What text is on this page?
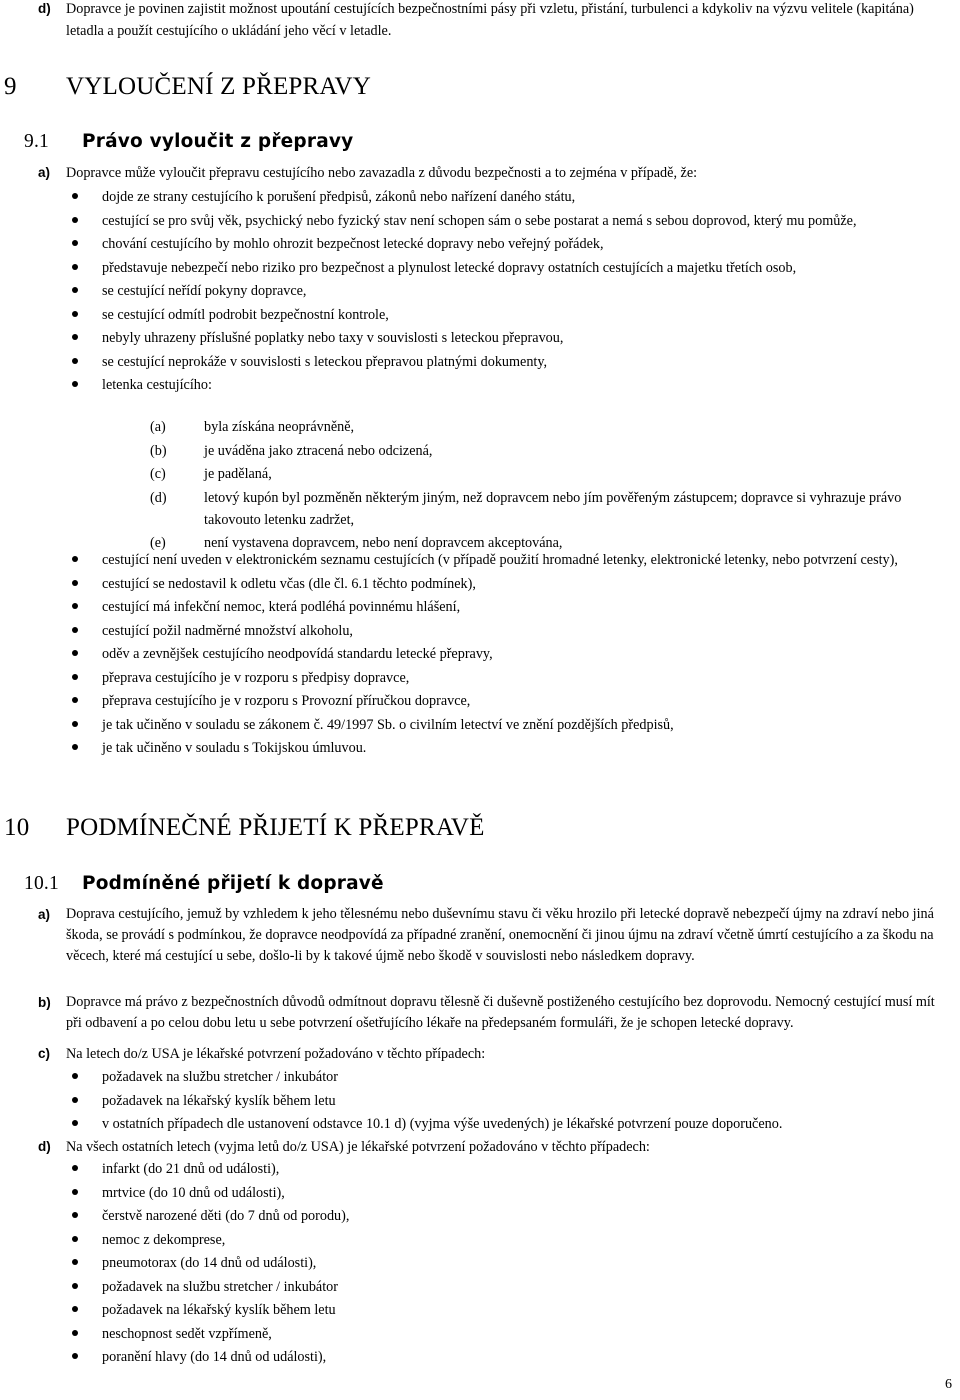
d) Dopravce je povinen zajistit možnost upoutání cestujících bezpečnostními pásy při vzletu, přistání, turbulenci a kdykoliv na výzvu velitele (kapitána) letadla a použít cestujícího o ukládání jeho věcí v letadle.
9 VYLOUČENÍ Z PŘEPRAVY
9.1 Právo vyloučit z přepravy
a) Dopravce může vyloučit přepravu cestujícího nebo zavazadla z důvodu bezpečnosti a to zejména v případě, že:
dojde ze strany cestujícího k porušení předpisů, zákonů nebo nařízení daného státu,
cestující se pro svůj věk, psychický nebo fyzický stav není schopen sám o sebe postarat a nemá s sebou doprovod, který mu pomůže,
chování cestujícího by mohlo ohrozit bezpečnost letecké dopravy nebo veřejný pořádek,
představuje nebezpečí nebo riziko pro bezpečnost a plynulost letecké dopravy ostatních cestujících a majetku třetích osob,
se cestující neřídí pokyny dopravce,
se cestující odmítl podrobit bezpečnostní kontrole,
nebyly uhrazeny příslušné poplatky nebo taxy v souvislosti s leteckou přepravou,
se cestující neprokáže v souvislosti s leteckou přepravou platnými dokumenty,
letenka cestujícího:
(a)	byla získána neoprávněně,
(b)	je uváděna jako ztracená nebo odcizená,
(c)	je padělaná,
(d)	letový kupón byl pozměněn některým jiným, než dopravcem nebo jím pověřeným zástupcem; dopravce si vyhrazuje právo takovouto letenku zadržet,
(e)	není vystavena dopravcem, nebo není dopravcem akceptována,
cestující není uveden v elektronickém seznamu cestujících (v případě použití hromadné letenky, elektronické letenky, nebo potvrzení cesty),
cestující se nedostavil k odletu včas (dle čl. 6.1 těchto podmínek),
cestující má infekční nemoc, která podléhá povinnému hlášení,
cestující požil nadměrné množství alkoholu,
oděv a zevnějšek cestujícího neodpovídá standardu letecké přepravy,
přeprava cestujícího je v rozporu s předpisy dopravce,
přeprava cestujícího je v rozporu s Provozní příručkou dopravce,
je tak učiněno v souladu se zákonem č. 49/1997 Sb. o civilním letectví ve znění pozdějších předpisů,
je tak učiněno v souladu s Tokijskou úmluvou.
10 PODMÍNEČNÉ PŘIJETÍ K PŘEPRAVĚ
10.1 Podmíněné přijetí k dopravě
a) Doprava cestujícího, jemuž by vzhledem k jeho tělesnému nebo duševnímu stavu či věku hrozilo při letecké dopravě nebezpečí újmy na zdraví nebo jiná škoda, se provádí s podmínkou, že dopravce neodpovídá za případné zranění, onemocnění či jinou újmu na zdraví včetně úmrtí cestujícího a za škodu na věcech, které má cestující u sebe, došlo-li by k takové újmě nebo škodě v souvislosti nebo následkem dopravy.
b) Dopravce má právo z bezpečnostních důvodů odmítnout dopravu tělesně či duševně postiženého cestujícího bez doprovodu. Nemocný cestující musí mít při odbavení a po celou dobu letu u sebe potvrzení ošetřujícího lékaře na předepsaném formuláři, že je schopen letecké dopravy.
c) Na letech do/z USA je lékařské potvrzení požadováno v těchto případech:
požadavek na službu stretcher / inkubátor
požadavek na lékařský kyslík během letu
v ostatních případech dle ustanovení odstavce 10.1 d) (vyjma výše uvedených) je lékařské potvrzení pouze doporučeno.
d) Na všech ostatních letech (vyjma letů do/z USA) je lékařské potvrzení požadováno v těchto případech:
infarkt (do 21 dnů od události),
mrtvice (do 10 dnů od události),
čerstvě narozené děti (do 7 dnů od porodu),
nemoc z dekomprese,
pneumotorax (do 14 dnů od události),
požadavek na službu stretcher / inkubátor
požadavek na lékařský kyslík během letu
neschopnost sedět vzpřímeně,
poranění hlavy (do 14 dnů od události),
6
